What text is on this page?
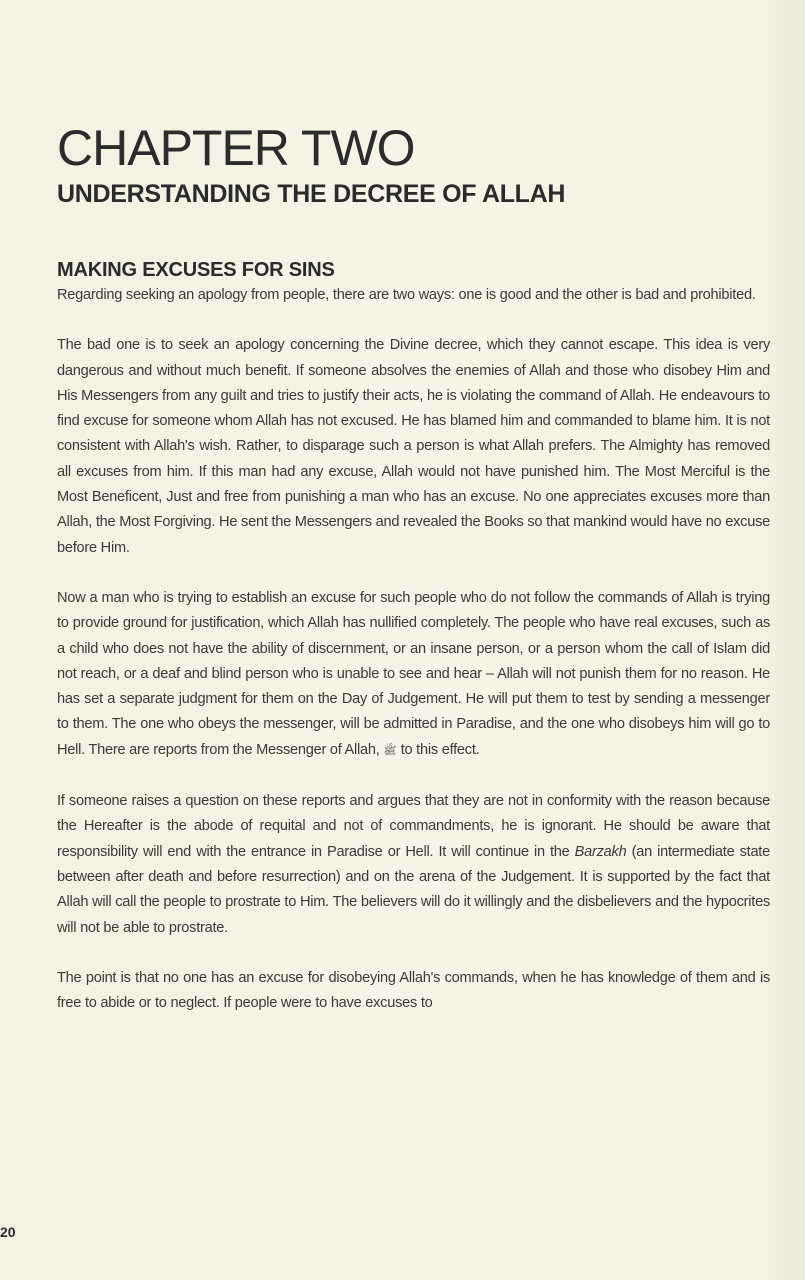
CHAPTER TWO
UNDERSTANDING THE DECREE OF ALLAH
MAKING EXCUSES FOR SINS

Regarding seeking an apology from people, there are two ways: one is good and the other is bad and prohibited.

The bad one is to seek an apology concerning the Divine decree, which they cannot escape. This idea is very dangerous and without much benefit. If someone absolves the enemies of Allah and those who disobey Him and His Messengers from any guilt and tries to justify their acts, he is violating the command of Allah. He endeavours to find excuse for someone whom Allah has not excused. He has blamed him and commanded to blame him. It is not consistent with Allah's wish. Rather, to disparage such a person is what Allah prefers. The Almighty has removed all excuses from him. If this man had any excuse, Allah would not have punished him. The Most Merciful is the Most Beneficent, Just and free from punishing a man who has an excuse. No one appreciates excuses more than Allah, the Most Forgiving. He sent the Messengers and revealed the Books so that mankind would have no excuse before Him.

Now a man who is trying to establish an excuse for such people who do not follow the commands of Allah is trying to provide ground for justification, which Allah has nullified completely. The people who have real excuses, such as a child who does not have the ability of discernment, or an insane person, or a person whom the call of Islam did not reach, or a deaf and blind person who is unable to see and hear – Allah will not punish them for no reason. He has set a separate judgment for them on the Day of Judgement. He will put them to test by sending a messenger to them. The one who obeys the messenger, will be admitted in Paradise, and the one who disobeys him will go to Hell. There are reports from the Messenger of Allah, ﷺ to this effect.

If someone raises a question on these reports and argues that they are not in conformity with the reason because the Hereafter is the abode of requital and not of commandments, he is ignorant. He should be aware that responsibility will end with the entrance in Paradise or Hell. It will continue in the Barzakh (an intermediate state between after death and before resurrection) and on the arena of the Judgement. It is supported by the fact that Allah will call the people to prostrate to Him. The believers will do it willingly and the disbelievers and the hypocrites will not be able to prostrate.

The point is that no one has an excuse for disobeying Allah's commands, when he has knowledge of them and is free to abide or to neglect. If people were to have excuses to

20
